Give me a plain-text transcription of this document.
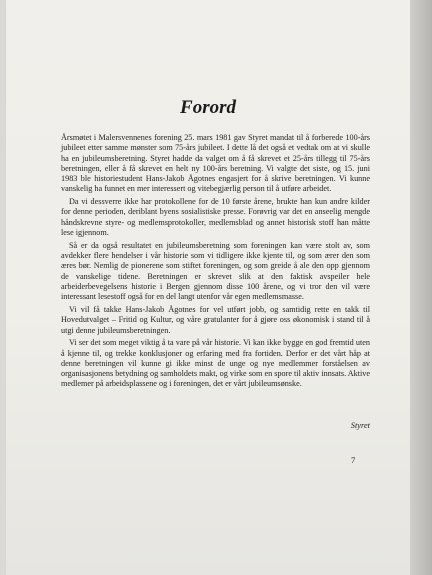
Forord

Årsmøtet i Malersvennenes forening 25. mars 1981 gav Styret mandat til å forberede 100-års jubileet etter samme mønster som 75-års jubileet. I dette lå det også et vedtak om at vi skulle ha en jubileumsberetning. Styret hadde da valget om å få skrevet et 25-års tillegg til 75-års beretningen, eller å få skrevet en helt ny 100-års beretning. Vi valgte det siste, og 15. juni 1983 ble historiestudent Hans-Jakob Ågotnes engasjert for å skrive beretningen. Vi kunne vanskelig ha funnet en mer interessert og vitebegjærlig person til å utføre arbeidet.

Da vi dessverre ikke har protokollene for de 10 første årene, brukte han kun andre kilder for denne perioden, deriblant byens sosialistiske presse. Forøvrig var det en anseelig mengde håndskrevne styre- og medlemsprotokoller, medlemsblad og annet historisk stoff han måtte lese igjennom.

Så er da også resultatet en jubileumsberetning som foreningen kan være stolt av, som avdekker flere hendelser i vår historie som vi tidligere ikke kjente til, og som ærer den som æres bør. Nemlig de pionerene som stiftet foreningen, og som greide å ale den opp gjennom de vanskelige tidene. Beretningen er skrevet slik at den faktisk avspeiler hele arbeiderbevegelsens historie i Bergen gjennom disse 100 årene, og vi tror den vil være interessant lesestoff også for en del langt utenfor vår egen medlemsmasse.

Vi vil få takke Hans-Jakob Ågotnes for vel utført jobb, og samtidig rette en takk til Hovedutvalget – Fritid og Kultur, og våre gratulanter for å gjøre oss økonomisk i stand til å utgi denne jubileumsberetningen.

Vi ser det som meget viktig å ta vare på vår historie. Vi kan ikke bygge en god fremtid uten å kjenne til, og trekke konklusjoner og erfaring med fra fortiden. Derfor er det vårt håp at denne beretningen vil kunne gi ikke minst de unge og nye medlemmer forståelsen av organisasjonens betydning og samholdets makt, og virke som en spore til aktiv innsats. Aktive medlemer på arbeidsplassene og i foreningen, det er vårt jubileumsønske.

Styret
7
